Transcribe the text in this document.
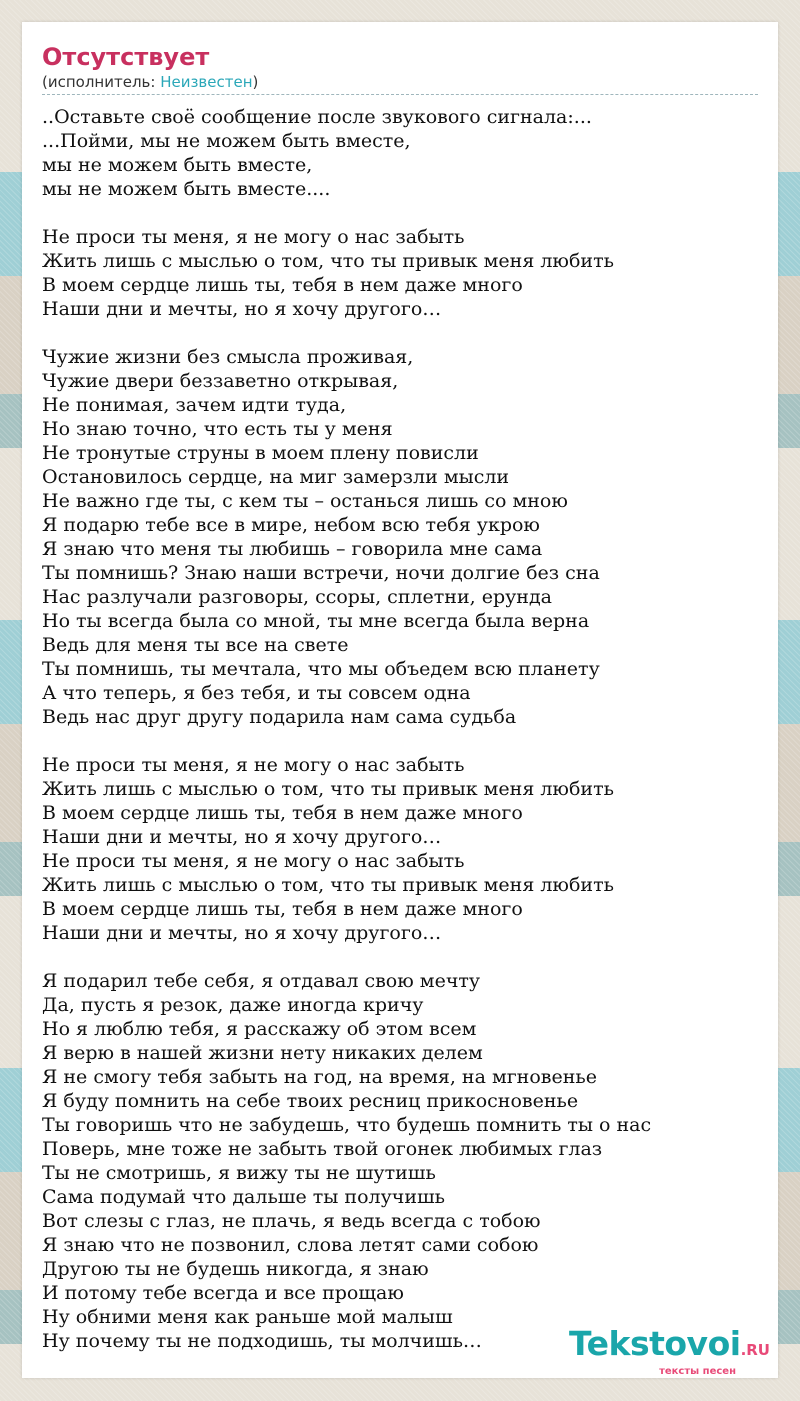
Отсутствует
(исполнитель: Неизвестен)
..Оставьте своё сообщение после звукового сигнала:...
...Пойми, мы не можем быть вместе,
мы не можем быть вместе,
мы не можем быть вместе....
Не проси ты меня, я не могу о нас забыть
Жить лишь с мыслью о том, что ты привык меня любить
В моем сердце лишь ты, тебя в нем даже много
Наши дни и мечты, но я хочу другого…
Чужие жизни без смысла проживая,
Чужие двери беззаветно открывая,
Не понимая, зачем идти туда,
Но знаю точно, что есть ты у меня
Не тронутые струны в моем плену повисли
Остановилось сердце, на миг замерзли мысли
Не важно где ты, с кем ты – останься лишь со мною
Я подарю тебе все в мире, небом всю тебя укрою
Я знаю что меня ты любишь – говорила мне сама
Ты помнишь? Знаю наши встречи, ночи долгие без сна
Нас разлучали разговоры, ссоры, сплетни, ерунда
Но ты всегда была со мной, ты мне всегда была верна
Ведь для меня ты все на свете
Ты помнишь, ты мечтала, что мы объедем всю планету
А что теперь, я без тебя, и ты совсем одна
Ведь нас друг другу подарила нам сама судьба
Не проси ты меня, я не могу о нас забыть
Жить лишь с мыслью о том, что ты привык меня любить
В моем сердце лишь ты, тебя в нем даже много
Наши дни и мечты, но я хочу другого…
Не проси ты меня, я не могу о нас забыть
Жить лишь с мыслью о том, что ты привык меня любить
В моем сердце лишь ты, тебя в нем даже много
Наши дни и мечты, но я хочу другого…
Я подарил тебе себя, я отдавал свою мечту
Да, пусть я резок, даже иногда кричу
Но я люблю тебя, я расскажу об этом всем
Я верю в нашей жизни нету никаких делем
Я не смогу тебя забыть на год, на время, на мгновенье
Я буду помнить на себе твоих ресниц прикосновенье
Ты говоришь что не забудешь, что будешь помнить ты о нас
Поверь, мне тоже не забыть твой огонек любимых глаз
Ты не смотришь, я вижу ты не шутишь
Сама подумай что дальше ты получишь
Вот слезы с глаз, не плачь, я ведь всегда с тобою
Я знаю что не позвонил, слова летят сами собою
Другою ты не будешь никогда, я знаю
И потому тебе всегда и все прощаю
Ну обними меня как раньше мой малыш
Ну почему ты не подходишь, ты молчишь…	Tekstovoi.RU
тексты песен
